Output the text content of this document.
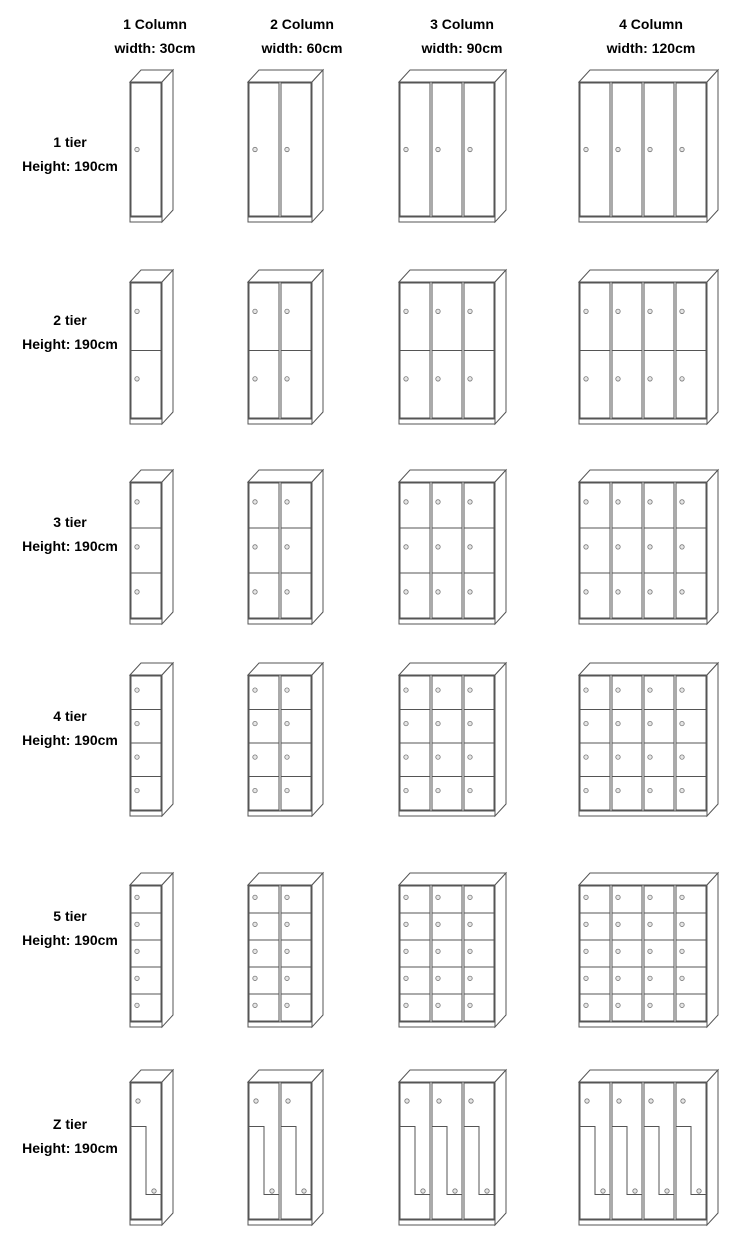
1 Column
width: 30cm
2 Column
width: 60cm
3 Column
width: 90cm
4 Column
width: 120cm
1 tier
Height: 190cm
2 tier
Height: 190cm
3 tier
Height: 190cm
4 tier
Height: 190cm
5 tier
Height: 190cm
Z tier
Height: 190cm
